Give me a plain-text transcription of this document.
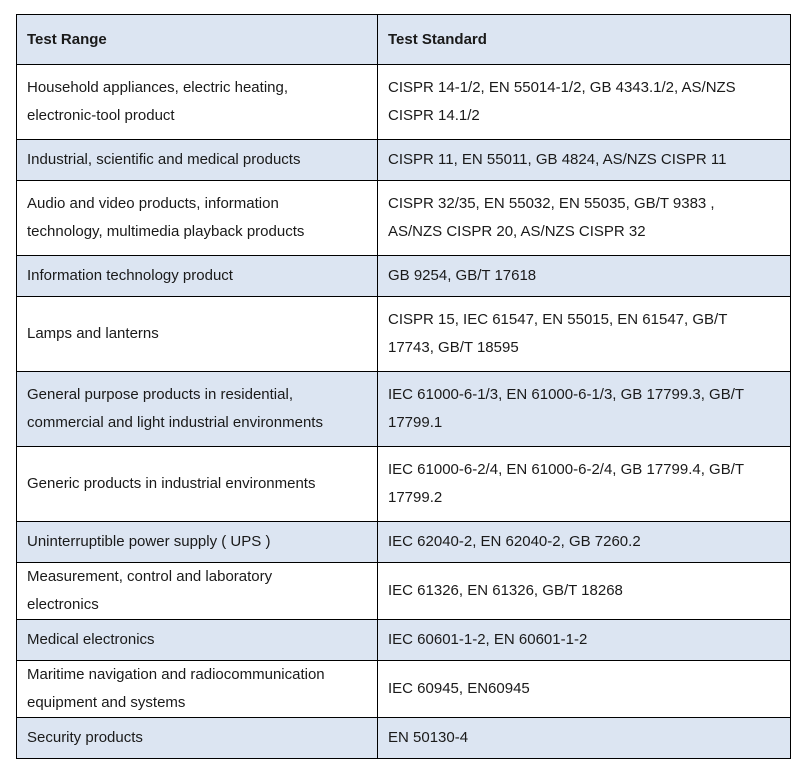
Test Range	Test Standard

Household appliances, electric heating,
electronic-tool product	CISPR 14-1/2, EN 55014-1/2, GB 4343.1/2, AS/NZS
CISPR 14.1/2

Industrial, scientific and medical products	CISPR 11, EN 55011, GB 4824, AS/NZS CISPR 11

Audio and video products, information
technology, multimedia playback products	CISPR 32/35, EN 55032, EN 55035, GB/T 9383 ,
AS/NZS CISPR 20, AS/NZS CISPR 32

Information technology product	GB 9254, GB/T 17618

Lamps and lanterns	CISPR 15, IEC 61547, EN 55015, EN 61547, GB/T
17743, GB/T 18595

General purpose products in residential,
commercial and light industrial environments	IEC 61000-6-1/3, EN 61000-6-1/3, GB 17799.3, GB/T
17799.1

Generic products in industrial environments	IEC 61000-6-2/4, EN 61000-6-2/4, GB 17799.4, GB/T
17799.2

Uninterruptible power supply ( UPS )	IEC 62040-2, EN 62040-2, GB 7260.2

Measurement, control and laboratory
electronics	IEC 61326, EN 61326, GB/T 18268

Medical electronics	IEC 60601-1-2, EN 60601-1-2

Maritime navigation and radiocommunication
equipment and systems	IEC 60945, EN60945

Security products	EN 50130-4
